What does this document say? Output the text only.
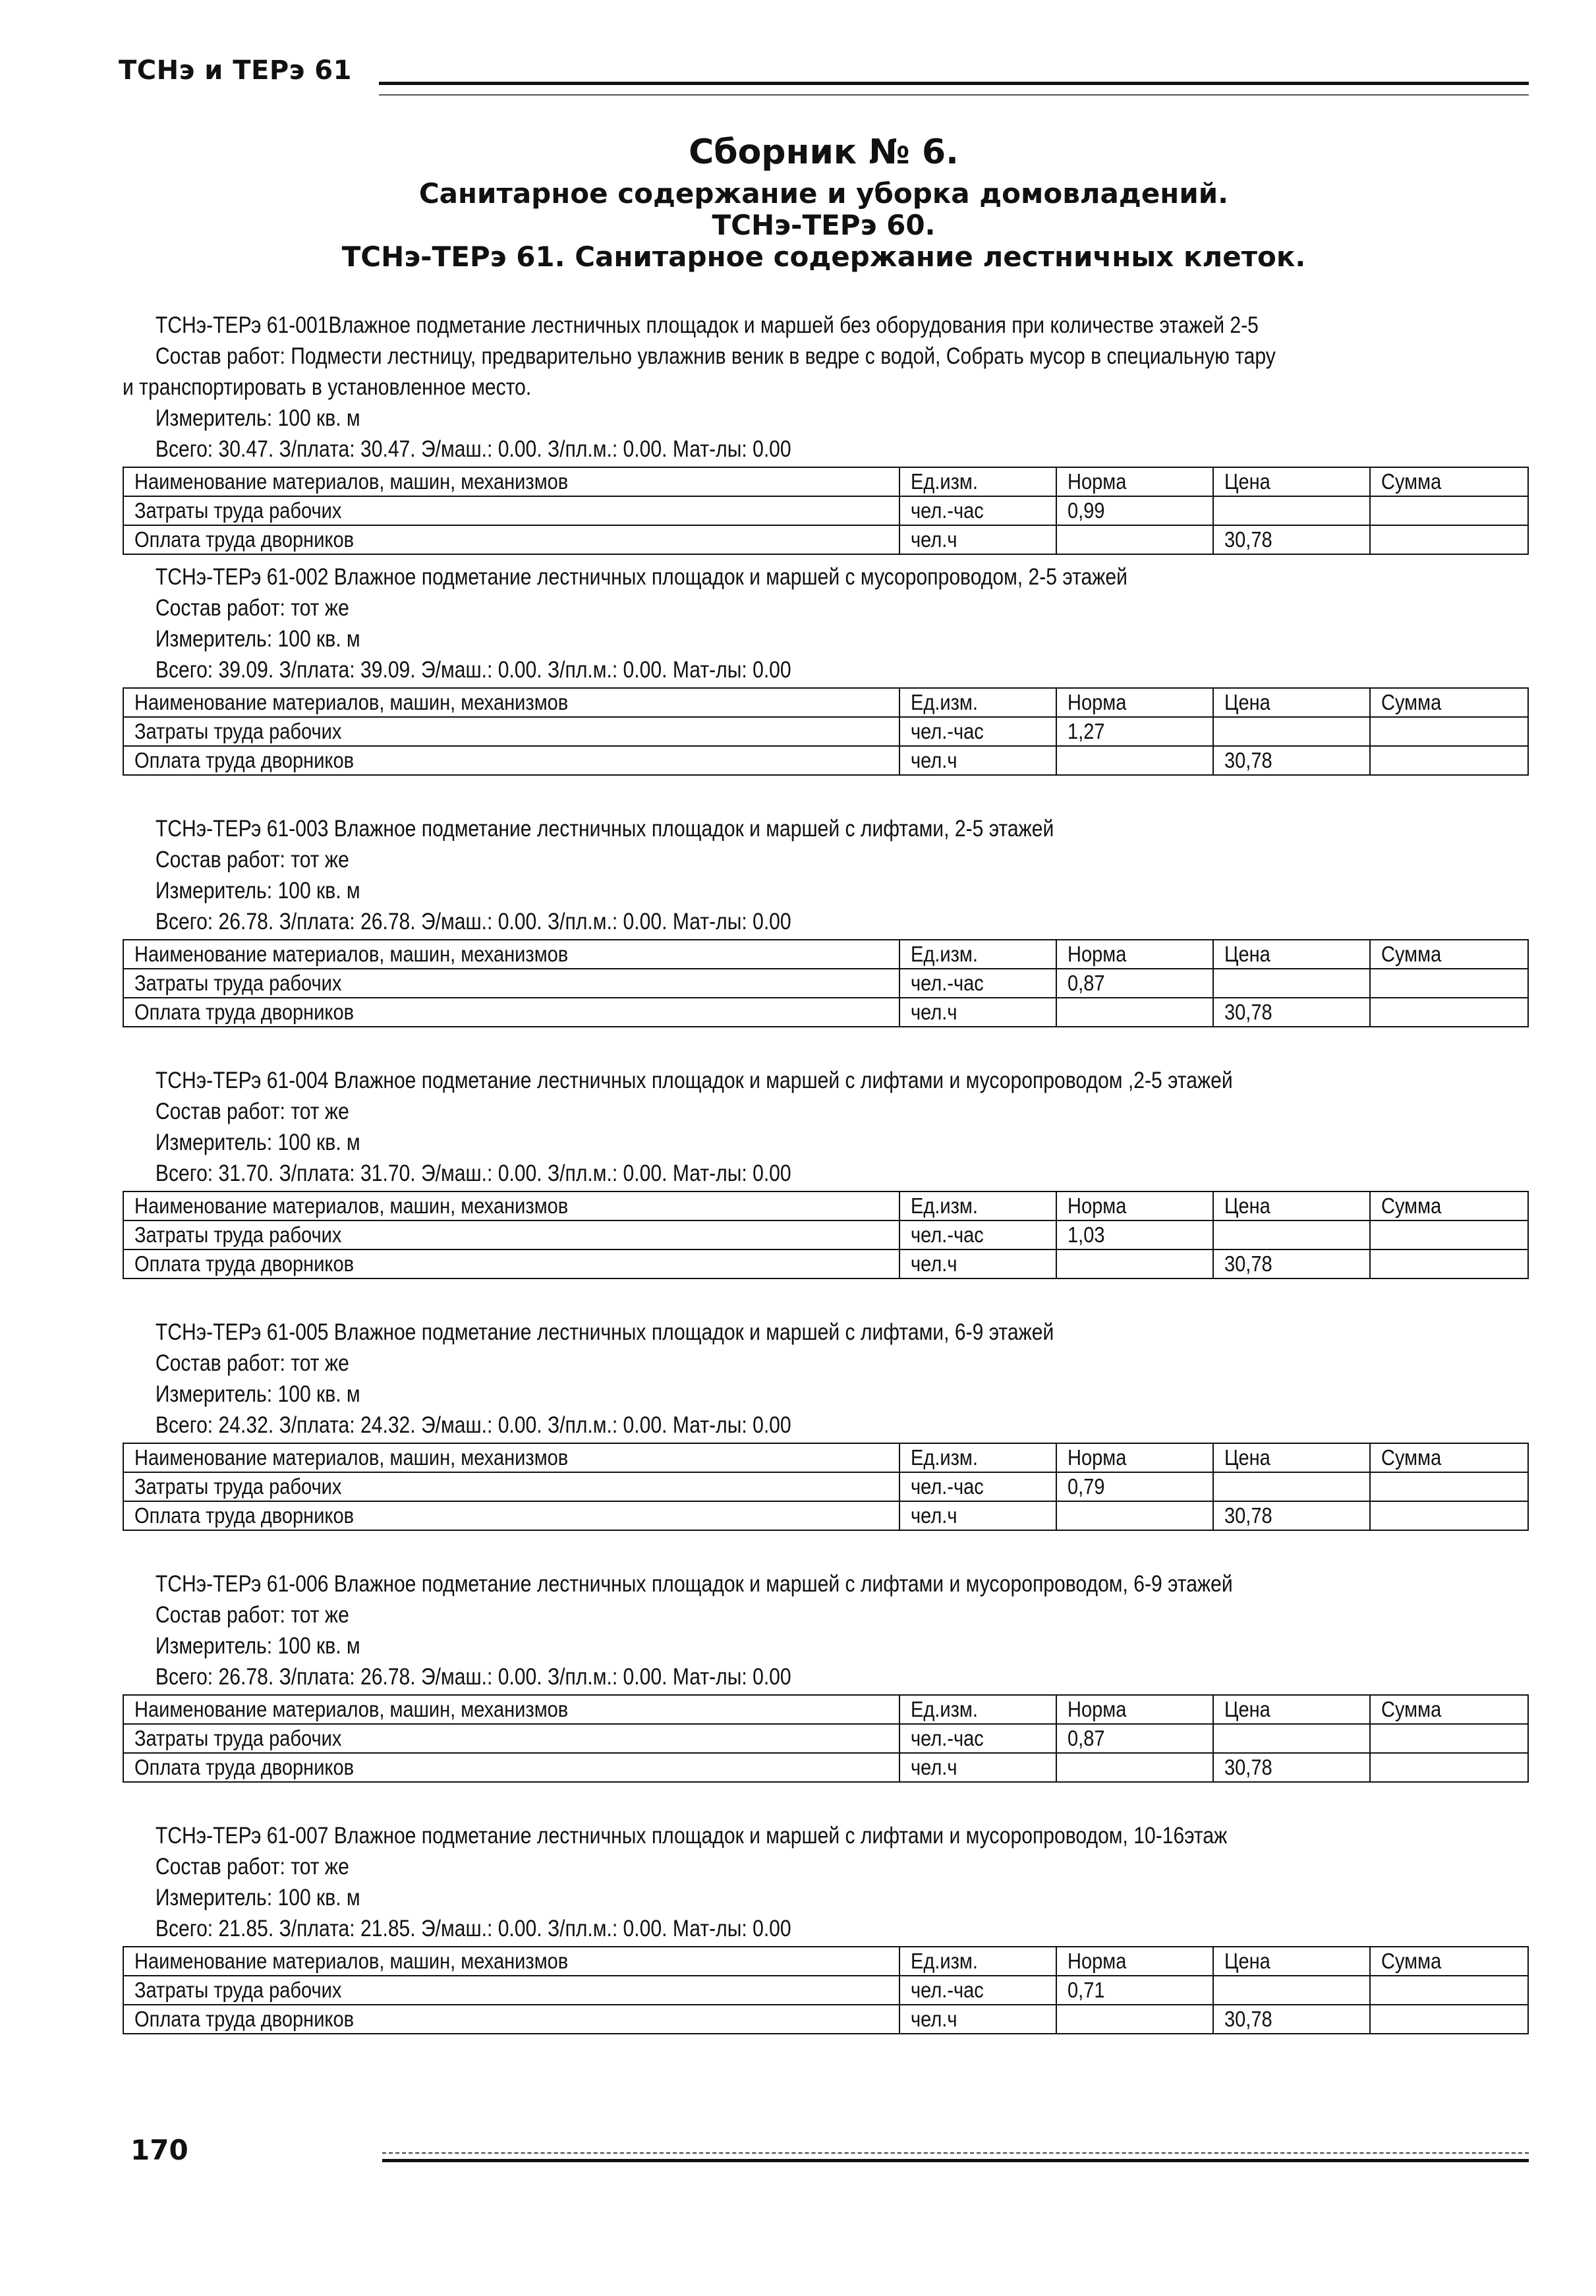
ТСНэ и ТЕРэ 61
Сборник № 6.
Санитарное содержание и уборка домовладений.
ТСНэ-ТЕРэ 60.
ТСНэ-ТЕРэ 61. Санитарное содержание лестничных клеток.
ТСНэ-ТЕРэ 61-001Влажное подметание лестничных площадок и маршей без оборудования при количестве этажей 2-5
Состав работ: Подмести лестницу, предварительно увлажнив веник в ведре с водой, Собрать мусор в специальную тару
и транспортировать в установленное место.
Измеритель: 100 кв. м
Всего: 30.47. З/плата: 30.47. Э/маш.: 0.00. З/пл.м.: 0.00. Мат-лы: 0.00
Наименование материалов, машин, механизмов	Ед.изм.	Норма	Цена	Сумма
Затраты труда рабочих	чел.-час	0,99		
Оплата труда дворников	чел.ч		30,78	
ТСНэ-ТЕРэ 61-002 Влажное подметание лестничных площадок и маршей с мусоропроводом, 2-5 этажей
Состав работ: тот же
Измеритель: 100 кв. м
Всего: 39.09. З/плата: 39.09. Э/маш.: 0.00. З/пл.м.: 0.00. Мат-лы: 0.00
Наименование материалов, машин, механизмов	Ед.изм.	Норма	Цена	Сумма
Затраты труда рабочих	чел.-час	1,27		
Оплата труда дворников	чел.ч		30,78	
ТСНэ-ТЕРэ 61-003 Влажное подметание лестничных площадок и маршей с лифтами, 2-5 этажей
Состав работ: тот же
Измеритель: 100 кв. м
Всего: 26.78. З/плата: 26.78. Э/маш.: 0.00. З/пл.м.: 0.00. Мат-лы: 0.00
Наименование материалов, машин, механизмов	Ед.изм.	Норма	Цена	Сумма
Затраты труда рабочих	чел.-час	0,87		
Оплата труда дворников	чел.ч		30,78	
ТСНэ-ТЕРэ 61-004 Влажное подметание лестничных площадок и маршей с лифтами и мусоропроводом ,2-5 этажей
Состав работ: тот же
Измеритель: 100 кв. м
Всего: 31.70. З/плата: 31.70. Э/маш.: 0.00. З/пл.м.: 0.00. Мат-лы: 0.00
Наименование материалов, машин, механизмов	Ед.изм.	Норма	Цена	Сумма
Затраты труда рабочих	чел.-час	1,03		
Оплата труда дворников	чел.ч		30,78	
ТСНэ-ТЕРэ 61-005 Влажное подметание лестничных площадок и маршей с лифтами, 6-9 этажей
Состав работ: тот же
Измеритель: 100 кв. м
Всего: 24.32. З/плата: 24.32. Э/маш.: 0.00. З/пл.м.: 0.00. Мат-лы: 0.00
Наименование материалов, машин, механизмов	Ед.изм.	Норма	Цена	Сумма
Затраты труда рабочих	чел.-час	0,79		
Оплата труда дворников	чел.ч		30,78	
ТСНэ-ТЕРэ 61-006 Влажное подметание лестничных площадок и маршей с лифтами и мусоропроводом, 6-9 этажей
Состав работ: тот же
Измеритель: 100 кв. м
Всего: 26.78. З/плата: 26.78. Э/маш.: 0.00. З/пл.м.: 0.00. Мат-лы: 0.00
Наименование материалов, машин, механизмов	Ед.изм.	Норма	Цена	Сумма
Затраты труда рабочих	чел.-час	0,87		
Оплата труда дворников	чел.ч		30,78	
ТСНэ-ТЕРэ 61-007 Влажное подметание лестничных площадок и маршей с лифтами и мусоропроводом, 10-16этаж
Состав работ: тот же
Измеритель: 100 кв. м
Всего: 21.85. З/плата: 21.85. Э/маш.: 0.00. З/пл.м.: 0.00. Мат-лы: 0.00
Наименование материалов, машин, механизмов	Ед.изм.	Норма	Цена	Сумма
Затраты труда рабочих	чел.-час	0,71		
Оплата труда дворников	чел.ч		30,78	
170
